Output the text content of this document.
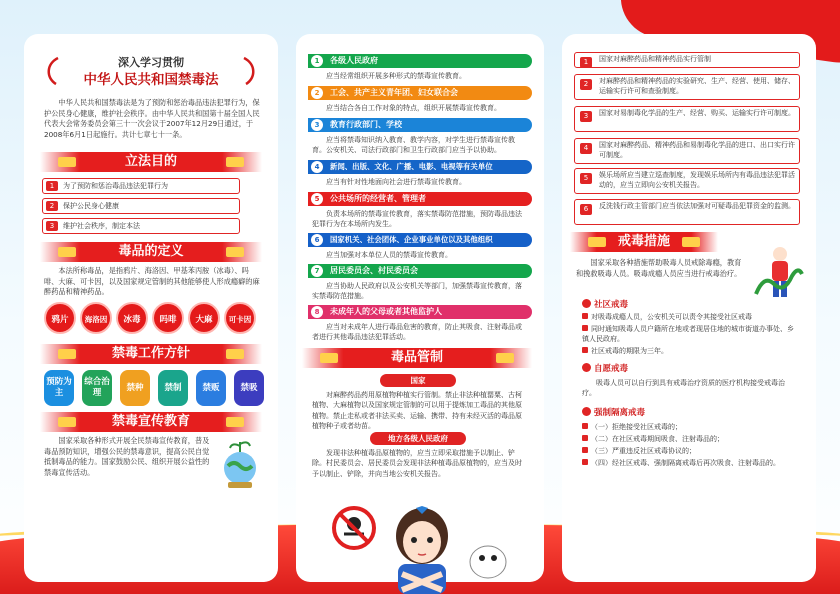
深入学习贯彻
中华人民共和国禁毒法
中华人民共和国禁毒法是为了预防和惩治毒品违法犯罪行为，保护公民身心健康，维护社会秩序。由中华人民共和国第十届全国人民代表大会常务委员会第三十一次会议于2007年12月29日通过，于2008年6月1日起施行。共计七章七十一条。
立法目的
1	为了预防和惩治毒品违法犯罪行为
2	保护公民身心健康
3	维护社会秩序，制定本法
毒品的定义
本法所称毒品，是指鸦片、海洛因、甲基苯丙胺（冰毒）、吗啡、大麻、可卡因，以及国家规定管制的其他能够使人形成瘾癖的麻醉药品和精神药品。
鸦片	海洛因	冰毒	吗啡	大麻	可卡因
禁毒工作方针
预防为主
综合治理
禁种	禁制	禁贩	禁吸
禁毒宣传教育
国家采取各种形式开展全民禁毒宣传教育，普及毒品预防知识，增强公民的禁毒意识，提高公民自觉抵制毒品的能力。国家鼓励公民、组织开展公益性的禁毒宣传活动。
1	各级人民政府
应当经常组织开展多种形式的禁毒宣传教育。
2	工会、共产主义青年团、妇女联合会
应当结合各自工作对象的特点，组织开展禁毒宣传教育。
3	教育行政部门、学校
应当将禁毒知识纳入教育、教学内容，对学生进行禁毒宣传教育。公安机关、司法行政部门和卫生行政部门应当予以协助。
4	新闻、出版、文化、广播、电影、电视等有关单位
应当有针对性地面向社会进行禁毒宣传教育。
5	公共场所的经营者、管理者
负责本场所的禁毒宣传教育，落实禁毒防范措施，预防毒品违法犯罪行为在本场所内发生。
6	国家机关、社会团体、企业事业单位以及其他组织
应当加强对本单位人员的禁毒宣传教育。
7	居民委员会、村民委员会
应当协助人民政府以及公安机关等部门，加强禁毒宣传教育，落实禁毒防范措施。
8	未成年人的父母或者其他监护人
应当对未成年人进行毒品危害的教育，防止其吸食、注射毒品或者进行其他毒品违法犯罪活动。
毒品管制
国家
对麻醉药品药用原植物种植实行管制。禁止非法种植罂粟、古柯植物、大麻植物以及国家规定管制的可以用于提炼加工毒品的其他原植物。禁止走私或者非法买卖、运输、携带、持有未经灭活的毒品原植物种子或者幼苗。
地方各级人民政府
发现非法种植毒品原植物的，应当立即采取措施予以制止、铲除。村民委员会、居民委员会发现非法种植毒品原植物的，应当及时予以制止、铲除，并向当地公安机关报告。
1	国家对麻醉药品和精神药品实行管制
2	对麻醉药品和精神药品的实验研究、生产、经营、使用、储存、运输实行许可和查验制度。
3	国家对易制毒化学品的生产、经营、购买、运输实行许可制度。
4	国家对麻醉药品、精神药品和易制毒化学品的进口、出口实行许可制度。
5	娱乐场所应当建立巡查制度，发现娱乐场所内有毒品违法犯罪活动的，应当立即向公安机关报告。
6	反洗钱行政主管部门应当依法加强对可疑毒品犯罪资金的监测。
戒毒措施
国家采取各种措施帮助吸毒人员戒除毒瘾，教育和挽救吸毒人员。吸毒成瘾人员应当进行戒毒治疗。
社区戒毒
对吸毒成瘾人员，公安机关可以责令其接受社区戒毒
同时通知吸毒人员户籍所在地或者现居住地的城市街道办事处、乡镇人民政府。
社区戒毒的期限为三年。
自愿戒毒
吸毒人员可以自行到具有戒毒治疗资质的医疗机构接受戒毒治疗。
强制隔离戒毒
（一）拒绝接受社区戒毒的；
（二）在社区戒毒期间吸食、注射毒品的；
（三）严重违反社区戒毒协议的；
（四）经社区戒毒、强制隔离戒毒后再次吸食、注射毒品的。
